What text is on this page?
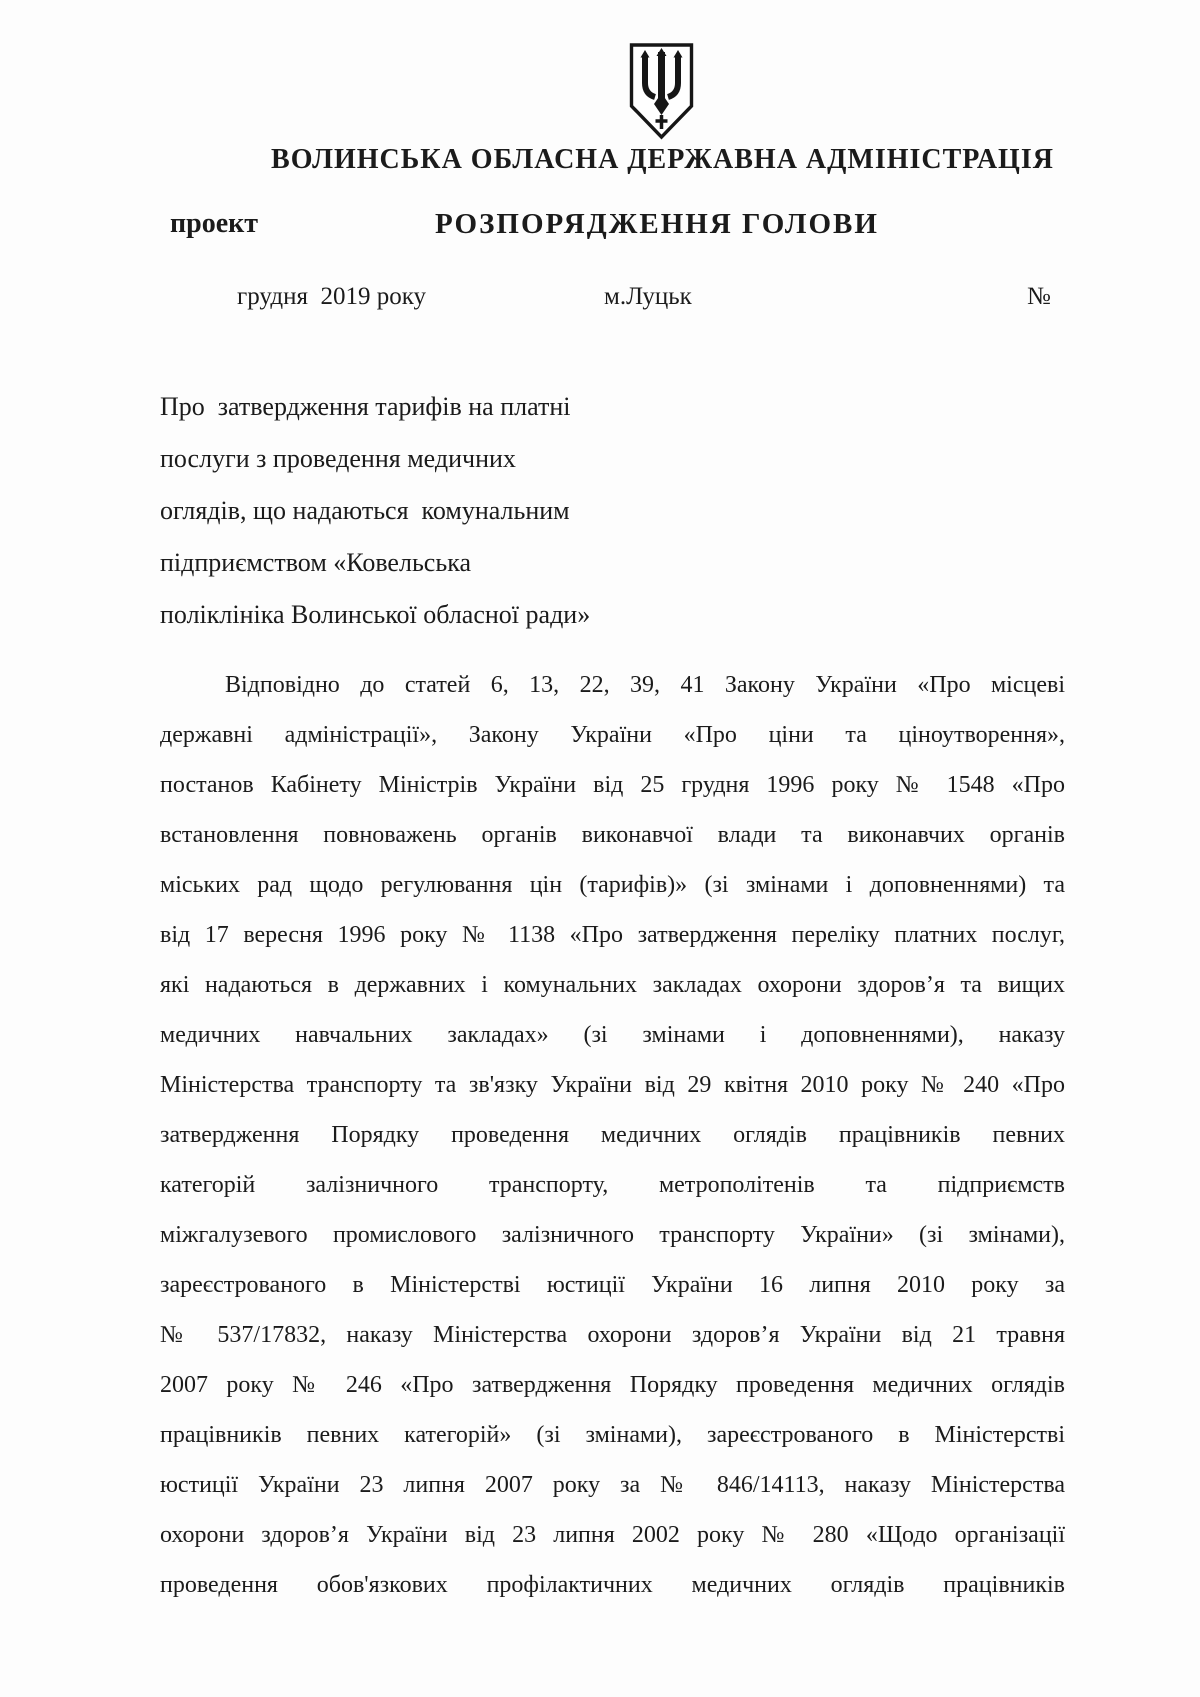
ВОЛИНСЬКА ОБЛАСНА ДЕРЖАВНА АДМІНІСТРАЦІЯ
проект	РОЗПОРЯДЖЕННЯ ГОЛОВИ
грудня  2019 року	м.Луцьк	№
Про  затвердження тарифів на платні
послуги з проведення медичних
оглядів, що надаються  комунальним
підприємством «Ковельська
поліклініка Волинської обласної ради»
Відповідно до статей 6, 13, 22, 39, 41 Закону України «Про місцеві
державні адміністрації», Закону України «Про ціни та ціноутворення»,
постанов Кабінету Міністрів України від 25 грудня 1996 року № 1548 «Про
встановлення повноважень органів виконавчої влади та виконавчих органів
міських рад щодо регулювання цін (тарифів)» (зі змінами і доповненнями) та
від 17 вересня 1996 року № 1138 «Про затвердження переліку платних послуг,
які надаються в державних і комунальних закладах охорони здоров’я та вищих
медичних навчальних закладах» (зі змінами і доповненнями), наказу
Міністерства транспорту та зв'язку України від 29 квітня 2010 року № 240 «Про
затвердження Порядку проведення медичних оглядів працівників певних
категорій залізничного транспорту, метрополітенів та підприємств
міжгалузевого промислового залізничного транспорту України» (зі змінами),
зареєстрованого в Міністерстві юстиції України 16 липня 2010 року за
№ 537/17832, наказу Міністерства охорони здоров’я України від 21 травня
2007 року № 246 «Про затвердження Порядку проведення медичних оглядів
працівників певних категорій» (зі змінами), зареєстрованого в Міністерстві
юстиції України 23 липня 2007 року за № 846/14113, наказу Міністерства
охорони здоров’я України від 23 липня 2002 року № 280 «Щодо організації
проведення обов'язкових профілактичних медичних оглядів працівників
